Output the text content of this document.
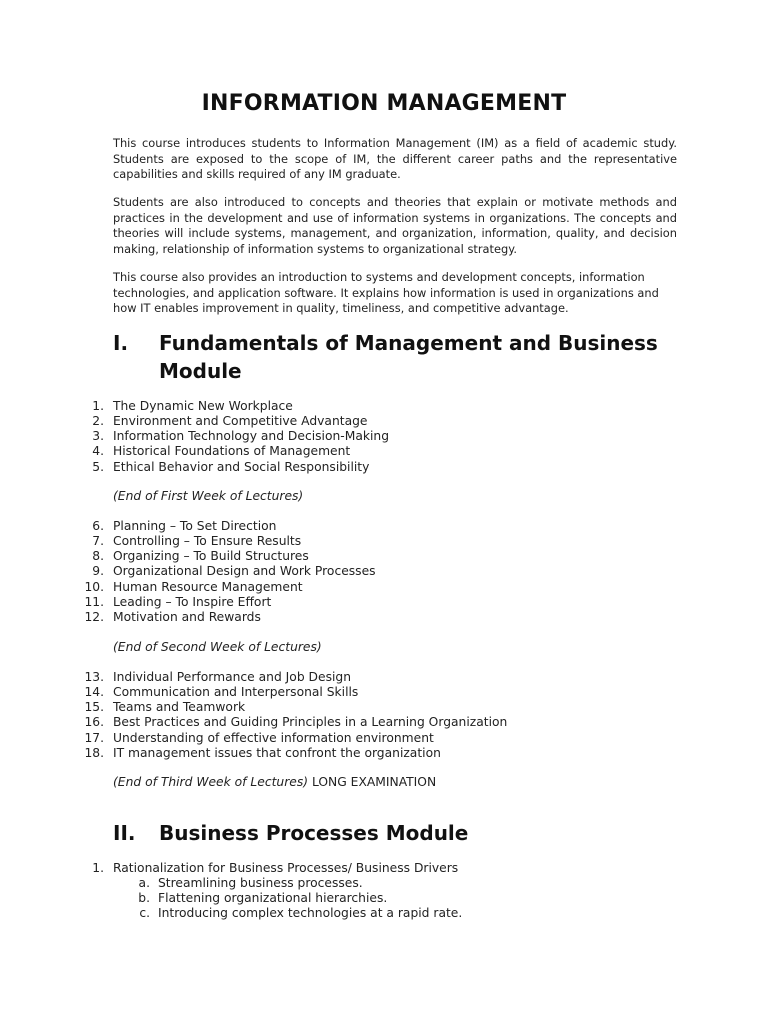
INFORMATION MANAGEMENT
This course introduces students to Information Management (IM) as a field of academic study.
Students are exposed to the scope of IM, the different career paths and the representative
capabilities and skills required of any IM graduate.
Students are also introduced to concepts and theories that explain or motivate methods and
practices in the development and use of information systems in organizations. The concepts and
theories will include systems, management, and organization, information, quality, and decision
making, relationship of information systems to organizational strategy.
This course also provides an introduction to systems and development concepts, information
technologies, and application software. It explains how information is used in organizations and
how IT enables improvement in quality, timeliness, and competitive advantage.
I.	Fundamentals of Management and Business
Module
1. The Dynamic New Workplace
2. Environment and Competitive Advantage
3. Information Technology and Decision-Making
4. Historical Foundations of Management
5. Ethical Behavior and Social Responsibility
(End of First Week of Lectures)
6. Planning – To Set Direction
7. Controlling – To Ensure Results
8. Organizing – To Build Structures
9. Organizational Design and Work Processes
10. Human Resource Management
11. Leading – To Inspire Effort
12. Motivation and Rewards
(End of Second Week of Lectures)
13. Individual Performance and Job Design
14. Communication and Interpersonal Skills
15. Teams and Teamwork
16. Best Practices and Guiding Principles in a Learning Organization
17. Understanding of effective information environment
18. IT management issues that confront the organization
(End of Third Week of Lectures) LONG EXAMINATION
II.	Business Processes Module
1. Rationalization for Business Processes/ Business Drivers
a. Streamlining business processes.
b. Flattening organizational hierarchies.
c. Introducing complex technologies at a rapid rate.
